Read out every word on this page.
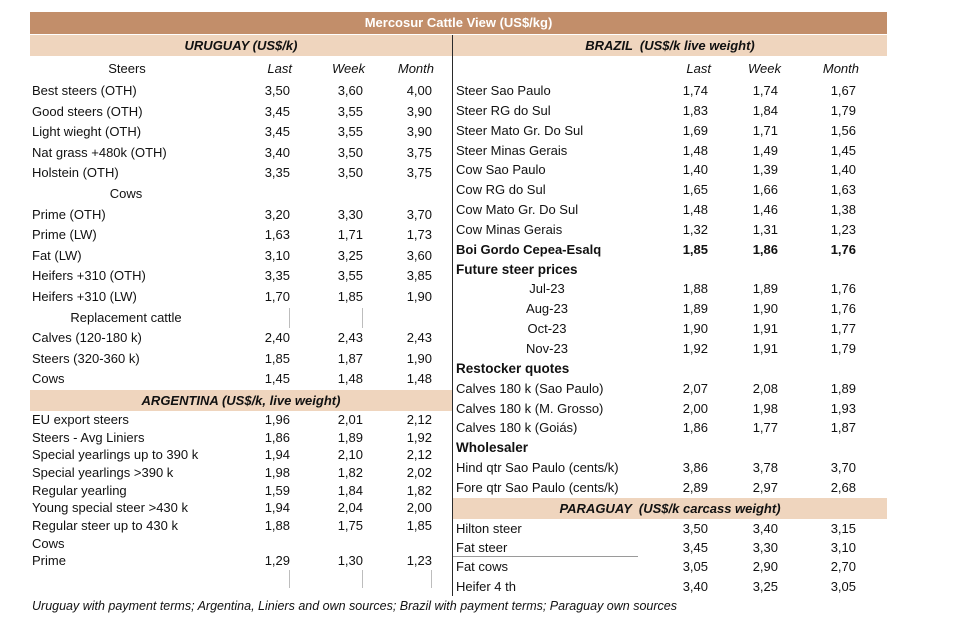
Mercosur Cattle View (US$/kg)
URUGUAY (US$/k)
Steers	Last	Week	Month
Best steers (OTH)	3,50	3,60	4,00
Good steers (OTH)	3,45	3,55	3,90
Light wieght (OTH)	3,45	3,55	3,90
Nat grass +480k (OTH)	3,40	3,50	3,75
Holstein (OTH)	3,35	3,50	3,75
Cows
Prime (OTH)	3,20	3,30	3,70
Prime (LW)	1,63	1,71	1,73
Fat (LW)	3,10	3,25	3,60
Heifers +310 (OTH)	3,35	3,55	3,85
Heifers +310 (LW)	1,70	1,85	1,90
Replacement cattle
Calves (120-180 k)	2,40	2,43	2,43
Steers (320-360 k)	1,85	1,87	1,90
Cows	1,45	1,48	1,48
ARGENTINA (US$/k, live weight)
EU export steers	1,96	2,01	2,12
Steers - Avg Liniers	1,86	1,89	1,92
Special yearlings up to 390 k	1,94	2,10	2,12
Special yearlings >390 k	1,98	1,82	2,02
Regular yearling	1,59	1,84	1,82
Young special steer >430 k	1,94	2,04	2,00
Regular steer up to 430 k	1,88	1,75	1,85
Cows
Prime	1,29	1,30	1,23
BRAZIL  (US$/k live weight)
Last	Week	Month
Steer Sao Paulo	1,74	1,74	1,67
Steer RG do Sul	1,83	1,84	1,79
Steer Mato Gr. Do Sul	1,69	1,71	1,56
Steer Minas Gerais	1,48	1,49	1,45
Cow Sao Paulo	1,40	1,39	1,40
Cow RG do Sul	1,65	1,66	1,63
Cow Mato Gr. Do Sul	1,48	1,46	1,38
Cow Minas Gerais	1,32	1,31	1,23
Boi Gordo Cepea-Esalq	1,85	1,86	1,76
Future steer prices
Jul-23	1,88	1,89	1,76
Aug-23	1,89	1,90	1,76
Oct-23	1,90	1,91	1,77
Nov-23	1,92	1,91	1,79
Restocker quotes
Calves 180 k (Sao Paulo)	2,07	2,08	1,89
Calves 180 k (M. Grosso)	2,00	1,98	1,93
Calves 180 k (Goiás)	1,86	1,77	1,87
Wholesaler
Hind qtr Sao Paulo (cents/k)	3,86	3,78	3,70
Fore qtr Sao Paulo (cents/k)	2,89	2,97	2,68
PARAGUAY  (US$/k carcass weight)
Hilton steer	3,50	3,40	3,15
Fat steer	3,45	3,30	3,10
Fat cows	3,05	2,90	2,70
Heifer 4 th	3,40	3,25	3,05
Uruguay with payment terms; Argentina, Liniers and own sources; Brazil with payment terms; Paraguay own sources
